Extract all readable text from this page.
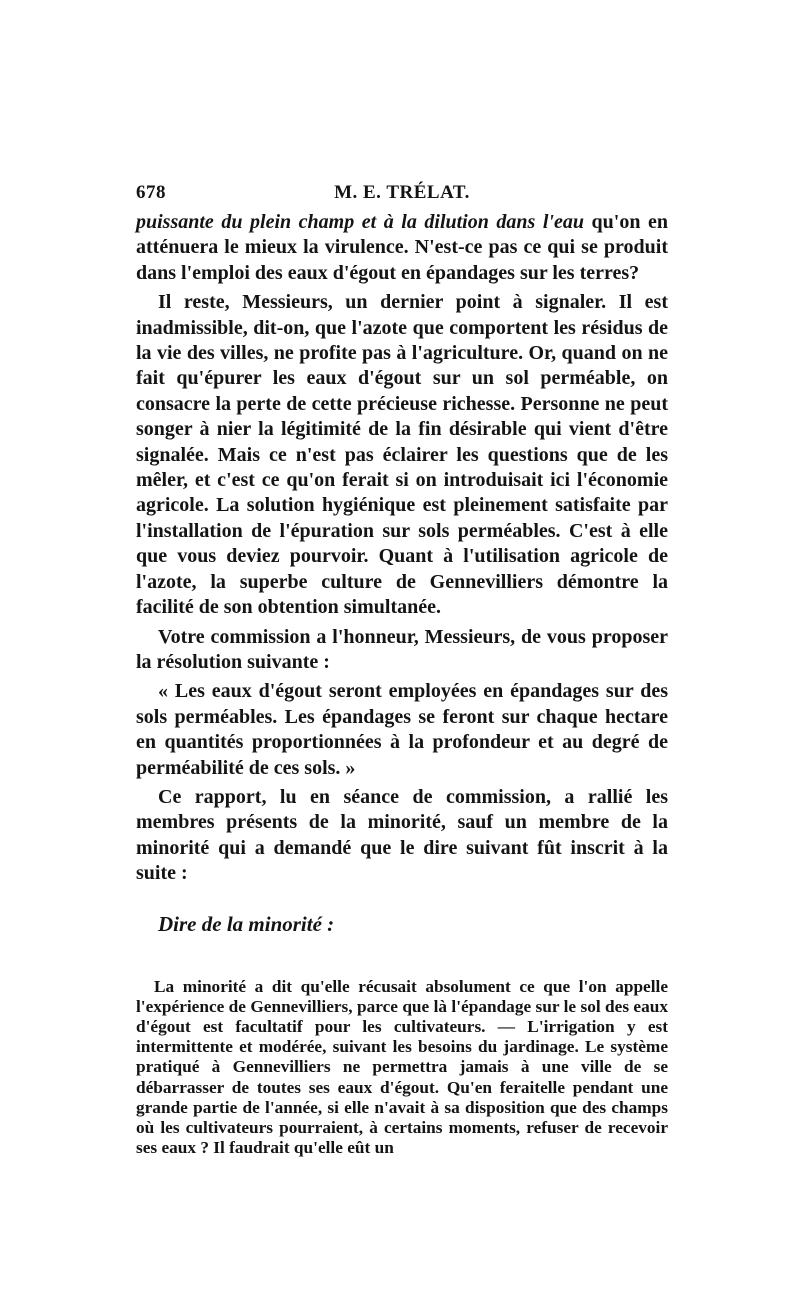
678	M. E. TRÉLAT.

puissante du plein champ et à la dilution dans l'eau qu'on en atténuera le mieux la virulence. N'est-ce pas ce qui se produit dans l'emploi des eaux d'égout en épandages sur les terres?

Il reste, Messieurs, un dernier point à signaler. Il est inadmissible, dit-on, que l'azote que comportent les résidus de la vie des villes, ne profite pas à l'agriculture. Or, quand on ne fait qu'épurer les eaux d'égout sur un sol perméable, on consacre la perte de cette précieuse richesse. Personne ne peut songer à nier la légitimité de la fin désirable qui vient d'être signalée. Mais ce n'est pas éclairer les questions que de les mêler, et c'est ce qu'on ferait si on introduisait ici l'économie agricole. La solution hygiénique est pleinement satisfaite par l'installation de l'épuration sur sols perméables. C'est à elle que vous deviez pourvoir. Quant à l'utilisation agricole de l'azote, la superbe culture de Gennevilliers démontre la facilité de son obtention simultanée.

Votre commission a l'honneur, Messieurs, de vous proposer la résolution suivante :

« Les eaux d'égout seront employées en épandages sur des sols perméables. Les épandages se feront sur chaque hectare en quantités proportionnées à la profondeur et au degré de perméabilité de ces sols. »

Ce rapport, lu en séance de commission, a rallié les membres présents de la minorité, sauf un membre de la minorité qui a demandé que le dire suivant fût inscrit à la suite :

Dire de la minorité :

La minorité a dit qu'elle récusait absolument ce que l'on appelle l'expérience de Gennevilliers, parce que là l'épandage sur le sol des eaux d'égout est facultatif pour les cultivateurs. — L'irrigation y est intermittente et modérée, suivant les besoins du jardinage. Le système pratiqué à Gennevilliers ne permettra jamais à une ville de se débarrasser de toutes ses eaux d'égout. Qu'en feraitelle pendant une grande partie de l'année, si elle n'avait à sa disposition que des champs où les cultivateurs pourraient, à certains moments, refuser de recevoir ses eaux ? Il faudrait qu'elle eût un
